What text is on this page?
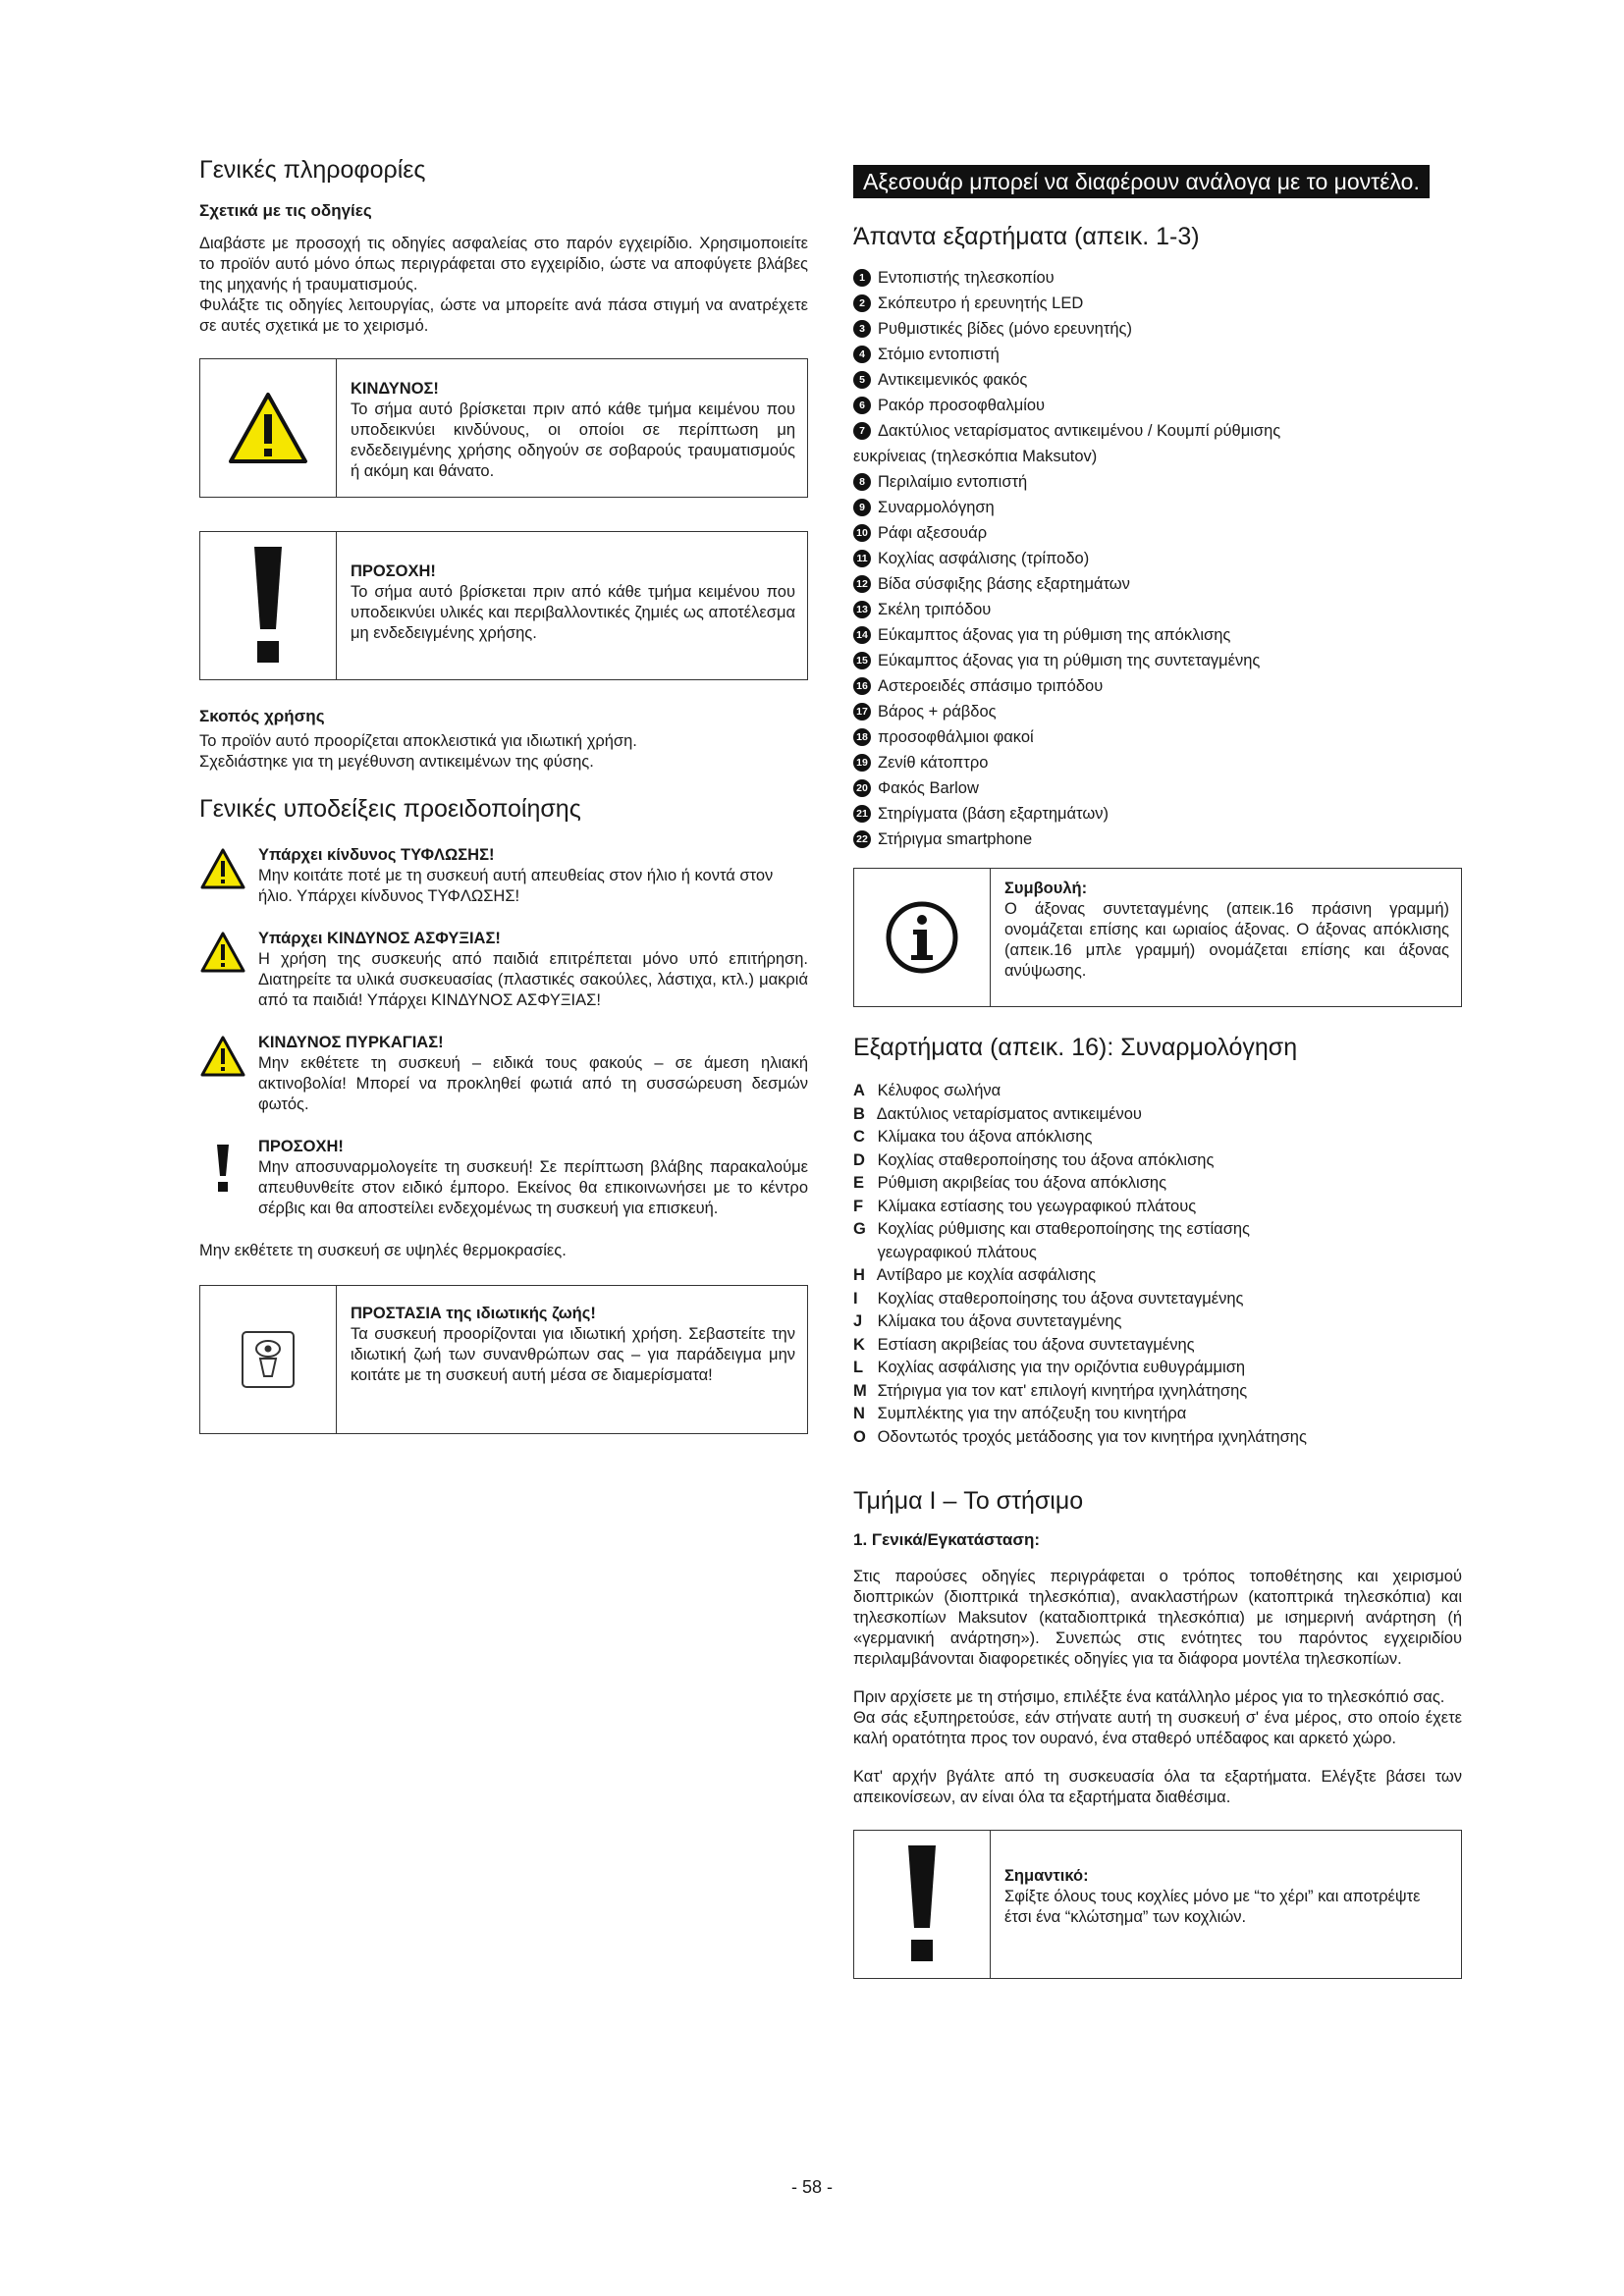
Γενικές πληροφορίες
Σχετικά με τις οδηγίες

Διαβάστε με προσοχή τις οδηγίες ασφαλείας στο παρόν εγχειρίδιο. Χρησιμοποιείτε το προϊόν αυτό μόνο όπως περιγράφεται στο εγχειρίδιο, ώστε να αποφύγετε βλάβες της μηχανής ή τραυματισμούς.

Φυλάξτε τις οδηγίες λειτουργίας, ώστε να μπορείτε ανά πάσα στιγμή να ανατρέχετε σε αυτές σχετικά με το χειρισμό.

ΚΙΝΔΥΝΟΣ!

Το σήμα αυτό βρίσκεται πριν από κάθε τμήμα κειμένου που υποδεικνύει κινδύνους, οι οποίοι σε περίπτωση μη ενδεδειγμένης χρήσης οδηγούν σε σοβαρούς τραυματισμούς ή ακόμη και θάνατο.

ΠΡΟΣΟΧΗ!

Το σήμα αυτό βρίσκεται πριν από κάθε τμήμα κειμένου που υποδεικνύει υλικές και περιβαλλοντικές ζημιές ως αποτέλεσμα μη ενδεδειγμένης χρήσης.

Σκοπός χρήσης

Το προϊόν αυτό προορίζεται αποκλειστικά για ιδιωτική χρήση.

Σχεδιάστηκε για τη μεγέθυνση αντικειμένων της φύσης.

Γενικές υποδείξεις προειδοποίησης
Υπάρχει κίνδυνος ΤΥΦΛΩΣΗΣ!

Μην κοιτάτε ποτέ με τη συσκευή αυτή απευθείας στον ήλιο ή κοντά στον ήλιο. Υπάρχει κίνδυνος ΤΥΦΛΩΣΗΣ!

Υπάρχει ΚΙΝΔΥΝΟΣ ΑΣΦΥΞΙΑΣ!

Η χρήση της συσκευής από παιδιά επιτρέπεται μόνο υπό επιτήρηση. Διατηρείτε τα υλικά συσκευασίας (πλαστικές σακούλες, λάστιχα, κτλ.) μακριά από τα παιδιά! Υπάρχει ΚΙΝΔΥΝΟΣ ΑΣΦΥΞΙΑΣ!

ΚΙΝΔΥΝΟΣ ΠΥΡΚΑΓΙΑΣ!

Μην εκθέτετε τη συσκευή – ειδικά τους φακούς – σε άμεση ηλιακή ακτινοβολία! Μπορεί να προκληθεί φωτιά από τη συσσώρευση δεσμών φωτός.

ΠΡΟΣΟΧΗ!

Μην αποσυναρμολογείτε τη συσκευή! Σε περίπτωση βλάβης παρακαλούμε απευθυνθείτε στον ειδικό έμπορο. Εκείνος θα επικοινωνήσει με το κέντρο σέρβις και θα αποστείλει ενδεχομένως τη συσκευή για επισκευή.

Μην εκθέτετε τη συσκευή σε υψηλές θερμοκρασίες.

ΠΡΟΣΤΑΣΙΑ της ιδιωτικής ζωής!

Τα συσκευή προορίζονται για ιδιωτική χρήση. Σεβαστείτε την ιδιωτική ζωή των συνανθρώπων σας – για παράδειγμα μην κοιτάτε με τη συσκευή αυτή μέσα σε διαμερίσματα!

Αξεσουάρ μπορεί να διαφέρουν ανάλογα με το μοντέλο.
Άπαντα εξαρτήματα (απεικ. 1-3)
1 Εντοπιστής τηλεσκοπίου
2 Σκόπευτρο ή ερευνητής LED
3 Ρυθμιστικές βίδες (μόνο ερευνητής)
4 Στόμιο εντοπιστή
5 Αντικειμενικός φακός
6 Ρακόρ προσοφθαλμίου
7 Δακτύλιος νεταρίσματος αντικειμένου / Κουμπί ρύθμισης
ευκρίνειας (τηλεσκόπια Maksutov)
8 Περιλαίμιο εντοπιστή
9 Συναρμολόγηση
10 Ράφι αξεσουάρ
11 Κοχλίας ασφάλισης (τρίποδο)
12 Βίδα σύσφιξης βάσης εξαρτημάτων
13 Σκέλη τριπόδου
14 Εύκαμπτος άξονας για τη ρύθμιση της απόκλισης
15 Εύκαμπτος άξονας για τη ρύθμιση της συντεταγμένης
16 Αστεροειδές σπάσιμο τριπόδου
17 Βάρος + ράβδος
18 προσοφθάλμιοι φακοί
19 Ζενίθ κάτοπτρο
20 Φακός Barlow
21 Στηρίγματα (βάση εξαρτημάτων)
22 Στήριγμα smartphone
Συμβουλή:

Ο άξονας συντεταγμένης (απεικ.16 πράσινη γραμμή) ονομάζεται επίσης και ωριαίος άξονας. Ο άξονας απόκλισης (απεικ.16 μπλε γραμμή) ονομάζεται επίσης και άξονας ανύψωσης.

Εξαρτήματα (απεικ. 16): Συναρμολόγηση
A Κέλυφος σωλήνα
B Δακτύλιος νεταρίσματος αντικειμένου
C Κλίμακα του άξονα απόκλισης
D Κοχλίας σταθεροποίησης του άξονα απόκλισης
E Ρύθμιση ακριβείας του άξονα απόκλισης
F Κλίμακα εστίασης του γεωγραφικού πλάτους
G Κοχλίας ρύθμισης και σταθεροποίησης της εστίασης
γεωγραφικού πλάτους
H Αντίβαρο με κοχλία ασφάλισης
I Κοχλίας σταθεροποίησης του άξονα συντεταγμένης
J Κλίμακα του άξονα συντεταγμένης
K Εστίαση ακριβείας του άξονα συντεταγμένης
L Κοχλίας ασφάλισης για την οριζόντια ευθυγράμμιση
M Στήριγμα για τον κατ' επιλογή κινητήρα ιχνηλάτησης
N Συμπλέκτης για την απόζευξη του κινητήρα
O Οδοντωτός τροχός μετάδοσης για τον κινητήρα ιχνηλάτησης
Τμήμα I – Το στήσιμο
1. Γενικά/Εγκατάσταση:

Στις παρούσες οδηγίες περιγράφεται ο τρόπος τοποθέτησης και χειρισμού διοπτρικών (διοπτρικά τηλεσκόπια), ανακλαστήρων (κατοπτρικά τηλεσκόπια) και τηλεσκοπίων Maksutov (καταδιοπτρικά τηλεσκόπια) με ισημερινή ανάρτηση (ή «γερμανική ανάρτηση»). Συνεπώς στις ενότητες του παρόντος εγχειριδίου περιλαμβάνονται διαφορετικές οδηγίες για τα διάφορα μοντέλα τηλεσκοπίων.

Πριν αρχίσετε με τη στήσιμο, επιλέξτε ένα κατάλληλο μέρος για το τηλεσκόπιό σας.

Θα σάς εξυπηρετούσε, εάν στήνατε αυτή τη συσκευή σ' ένα μέρος, στο οποίο έχετε καλή ορατότητα προς τον ουρανό, ένα σταθερό υπέδαφος και αρκετό χώρο.

Κατ' αρχήν βγάλτε από τη συσκευασία όλα τα εξαρτήματα. Ελέγξτε βάσει των απεικονίσεων, αν είναι όλα τα εξαρτήματα διαθέσιμα.

Σημαντικό:

Σφίξτε όλους τους κοχλίες μόνο με “το χέρι” και αποτρέψτε έτσι ένα “κλώτσημα” των κοχλιών.

- 58 -
